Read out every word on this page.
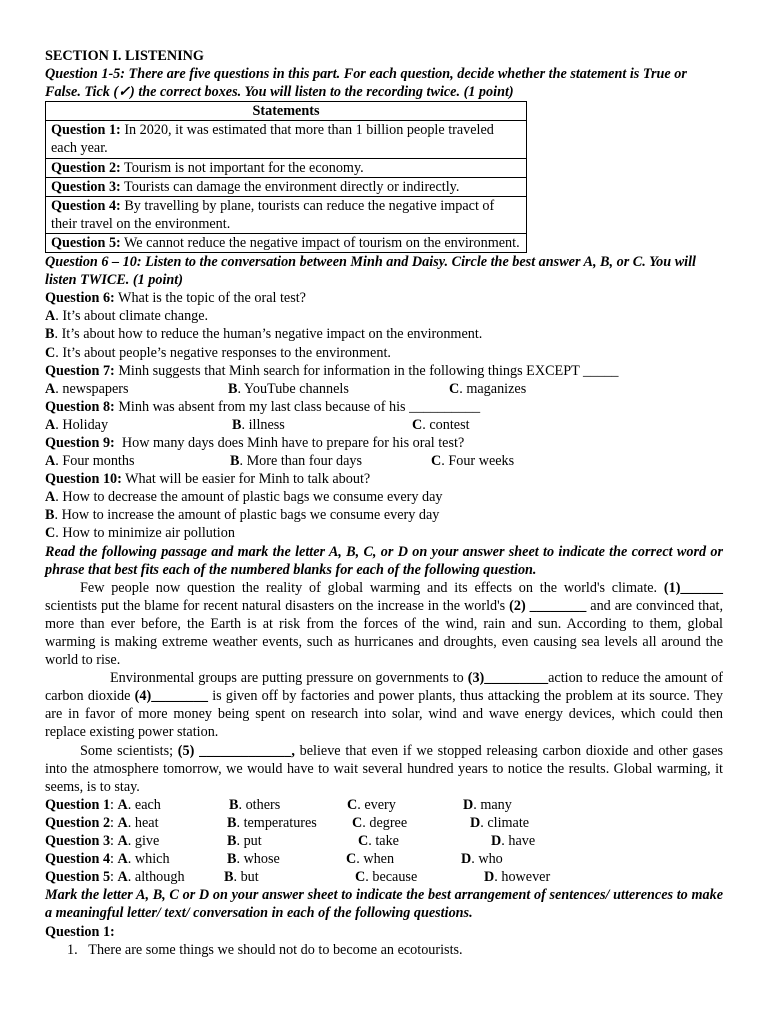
SECTION I. LISTENING
Question 1-5: There are five questions in this part. For each question, decide whether the statement is True or False. Tick (✓) the correct boxes. You will listen to the recording twice. (1 point)
Statements
Question 1: In 2020, it was estimated that more than 1 billion people traveled each year.
Question 2: Tourism is not important for the economy.
Question 3: Tourists can damage the environment directly or indirectly.
Question 4: By travelling by plane, tourists can reduce the negative impact of their travel on the environment.
Question 5: We cannot reduce the negative impact of tourism on the environment.
Question 6 – 10: Listen to the conversation between Minh and Daisy. Circle the best answer A, B, or C. You will listen TWICE. (1 point)
Question 6: What is the topic of the oral test?
A. It’s about climate change.
B. It’s about how to reduce the human’s negative impact on the environment.
C. It’s about people’s negative responses to the environment.
Question 7: Minh suggests that Minh search for information in the following things EXCEPT _____
A. newspapers	B. YouTube channels	C. maganizes
Question 8: Minh was absent from my last class because of his __________
A. Holiday	B. illness	C. contest
Question 9:  How many days does Minh have to prepare for his oral test?
A. Four months	B. More than four days	C. Four weeks
Question 10: What will be easier for Minh to talk about?
A. How to decrease the amount of plastic bags we consume every day
B. How to increase the amount of plastic bags we consume every day
C. How to minimize air pollution
Read the following passage and mark the letter A, B, C, or D on your answer sheet to indicate the correct word or phrase that best fits each of the numbered blanks for each of the following question.
Few people now question the reality of global warming and its effects on the world's climate. (1)______ scientists put the blame for recent natural disasters on the increase in the world's (2) ________ and are convinced that, more than ever before, the Earth is at risk from the forces of the wind, rain and sun. According to them, global warming is making extreme weather events, such as hurricanes and droughts, even causing sea levels all around the world to rise.
Environmental groups are putting pressure on governments to (3)_________action to reduce the amount of carbon dioxide (4)________ is given off by factories and power plants, thus attacking the problem at its source. They are in favor of more money being spent on research into solar, wind and wave energy devices, which could then replace existing power station.
Some scientists; (5) _____________, believe that even if we stopped releasing carbon dioxide and other gases into the atmosphere tomorrow, we would have to wait several hundred years to notice the results. Global warming, it seems, is to stay.
Question 1: A. each	B. others	C. every	D. many
Question 2: A. heat	B. temperatures C. degree	D. climate
Question 3: A. give	B. put	C. take	D. have
Question 4: A. which	B. whose	C. when	D. who
Question 5: A. although	B. but	C. because	D. however
Mark the letter A, B, C or D on your answer sheet to indicate the best arrangement of sentences/ utterences to make a meaningful letter/ text/ conversation in each of the following questions.
Question 1:
1. There are some things we should not do to become an ecotourists.
